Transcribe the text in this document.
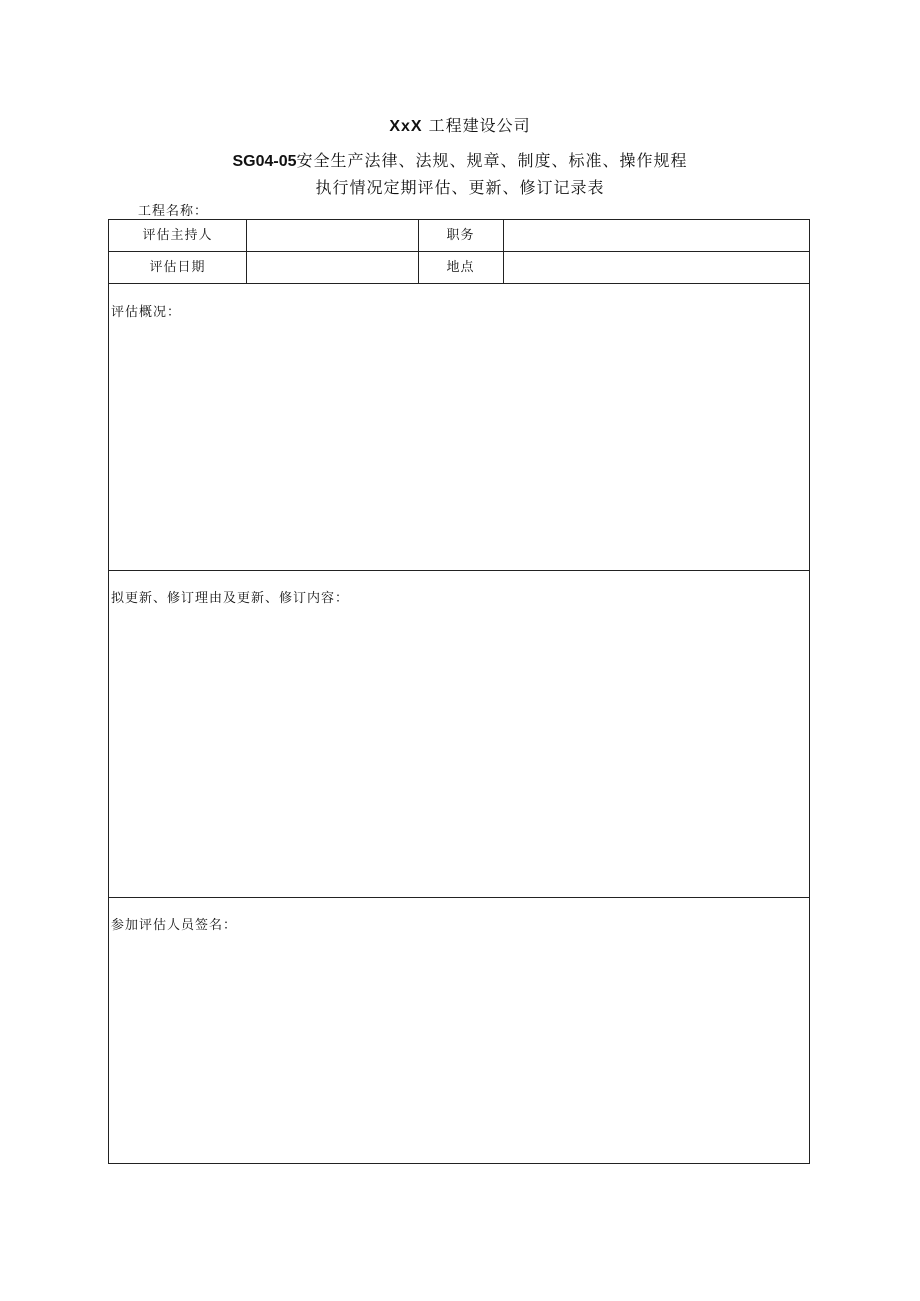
XxX 工程建设公司
SG04-05安全生产法律、法规、规章、制度、标准、操作规程
执行情况定期评估、更新、修订记录表
工程名称：
评估主持人	职务
评估日期	地点
评估概况：
拟更新、修订理由及更新、修订内容：
参加评估人员签名：
